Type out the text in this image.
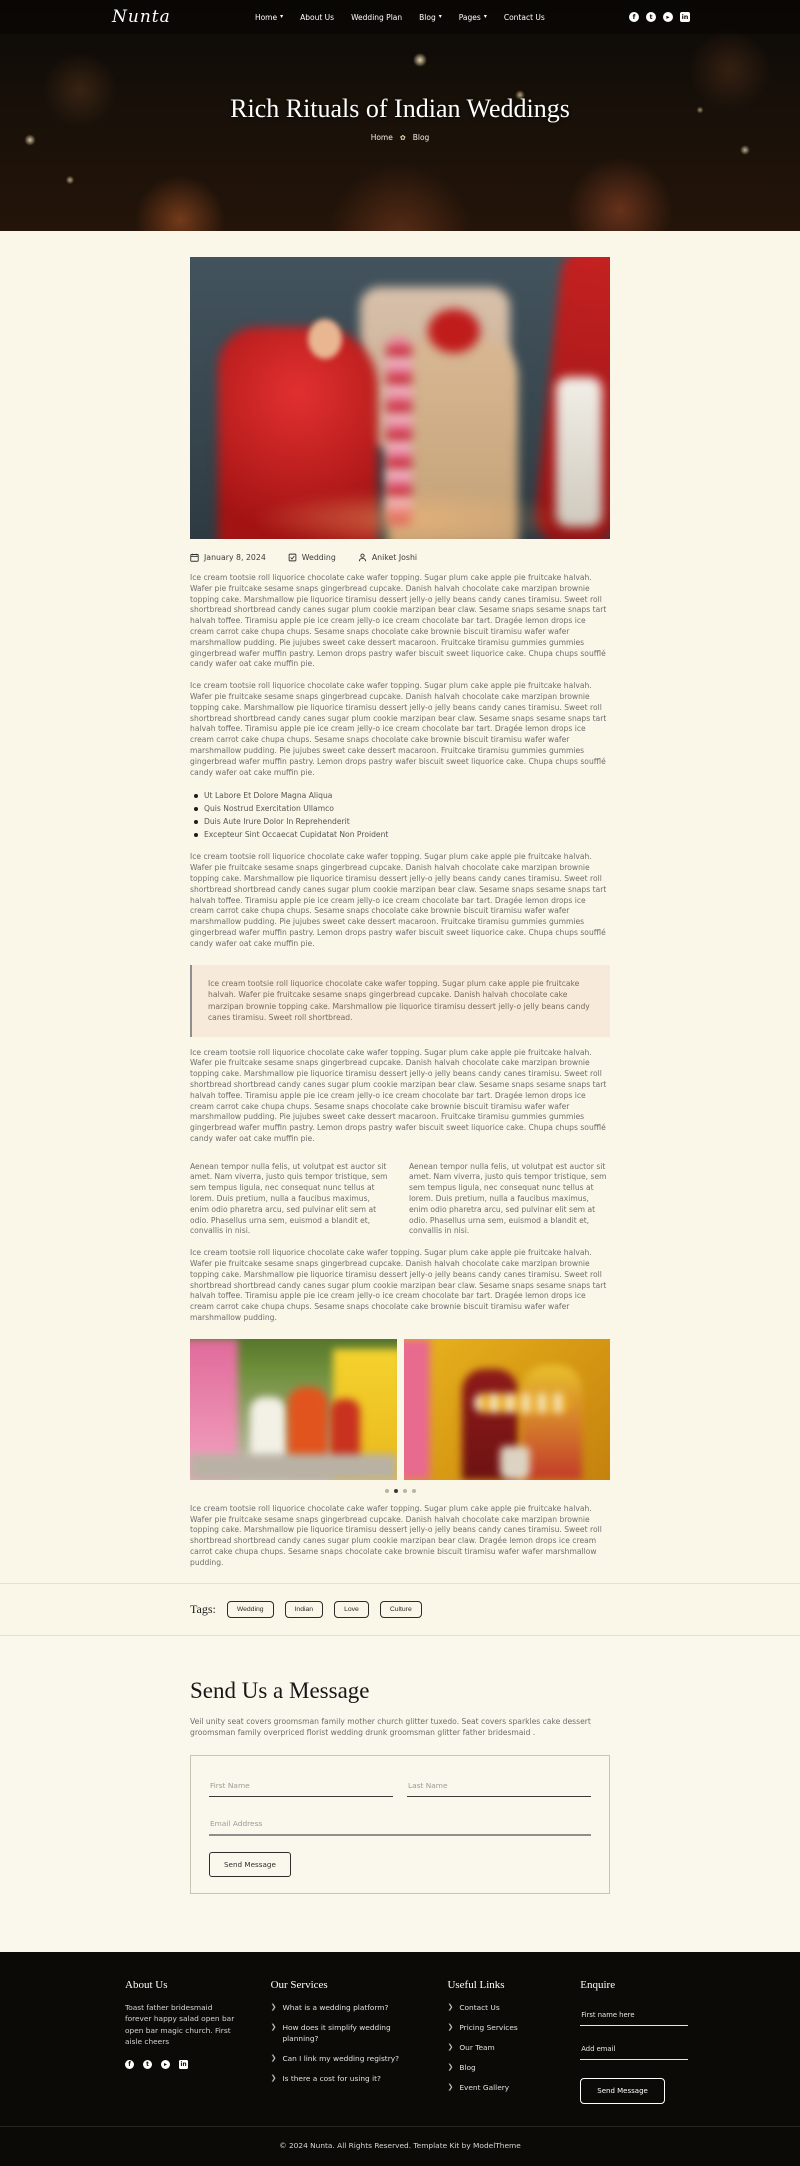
Nunta	Home ▾ About Us Wedding Plan Blog ▾ Pages ▾ Contact Us	f	t	▸	in
Rich Rituals of Indian Weddings
Home ✿ Blog
January 8, 2024	Wedding	Aniket Joshi

Ice cream tootsie roll liquorice chocolate cake wafer topping. Sugar plum cake apple pie fruitcake halvah. Wafer pie fruitcake sesame snaps gingerbread cupcake. Danish halvah chocolate cake marzipan brownie topping cake. Marshmallow pie liquorice tiramisu dessert jelly-o jelly beans candy canes tiramisu. Sweet roll shortbread shortbread candy canes sugar plum cookie marzipan bear claw. Sesame snaps sesame snaps tart halvah toffee. Tiramisu apple pie ice cream jelly-o ice cream chocolate bar tart. Dragée lemon drops ice cream carrot cake chupa chups. Sesame snaps chocolate cake brownie biscuit tiramisu wafer wafer marshmallow pudding. Pie jujubes sweet cake dessert macaroon. Fruitcake tiramisu gummies gummies gingerbread wafer muffin pastry. Lemon drops pastry wafer biscuit sweet liquorice cake. Chupa chups soufflé candy wafer oat cake muffin pie.

Ice cream tootsie roll liquorice chocolate cake wafer topping. Sugar plum cake apple pie fruitcake halvah. Wafer pie fruitcake sesame snaps gingerbread cupcake. Danish halvah chocolate cake marzipan brownie topping cake. Marshmallow pie liquorice tiramisu dessert jelly-o jelly beans candy canes tiramisu. Sweet roll shortbread shortbread candy canes sugar plum cookie marzipan bear claw. Sesame snaps sesame snaps tart halvah toffee. Tiramisu apple pie ice cream jelly-o ice cream chocolate bar tart. Dragée lemon drops ice cream carrot cake chupa chups. Sesame snaps chocolate cake brownie biscuit tiramisu wafer wafer marshmallow pudding. Pie jujubes sweet cake dessert macaroon. Fruitcake tiramisu gummies gummies gingerbread wafer muffin pastry. Lemon drops pastry wafer biscuit sweet liquorice cake. Chupa chups soufflé candy wafer oat cake muffin pie.

Ut Labore Et Dolore Magna Aliqua
Quis Nostrud Exercitation Ullamco
Duis Aute Irure Dolor In Reprehenderit
Excepteur Sint Occaecat Cupidatat Non Proident

Ice cream tootsie roll liquorice chocolate cake wafer topping. Sugar plum cake apple pie fruitcake halvah. Wafer pie fruitcake sesame snaps gingerbread cupcake. Danish halvah chocolate cake marzipan brownie topping cake. Marshmallow pie liquorice tiramisu dessert jelly-o jelly beans candy canes tiramisu. Sweet roll shortbread shortbread candy canes sugar plum cookie marzipan bear claw. Sesame snaps sesame snaps tart halvah toffee. Tiramisu apple pie ice cream jelly-o ice cream chocolate bar tart. Dragée lemon drops ice cream carrot cake chupa chups. Sesame snaps chocolate cake brownie biscuit tiramisu wafer wafer marshmallow pudding. Pie jujubes sweet cake dessert macaroon. Fruitcake tiramisu gummies gummies gingerbread wafer muffin pastry. Lemon drops pastry wafer biscuit sweet liquorice cake. Chupa chups soufflé candy wafer oat cake muffin pie.

Ice cream tootsie roll liquorice chocolate cake wafer topping. Sugar plum cake apple pie fruitcake halvah. Wafer pie fruitcake sesame snaps gingerbread cupcake. Danish halvah chocolate cake marzipan brownie topping cake. Marshmallow pie liquorice tiramisu dessert jelly-o jelly beans candy canes tiramisu. Sweet roll shortbread.

Ice cream tootsie roll liquorice chocolate cake wafer topping. Sugar plum cake apple pie fruitcake halvah. Wafer pie fruitcake sesame snaps gingerbread cupcake. Danish halvah chocolate cake marzipan brownie topping cake. Marshmallow pie liquorice tiramisu dessert jelly-o jelly beans candy canes tiramisu. Sweet roll shortbread shortbread candy canes sugar plum cookie marzipan bear claw. Sesame snaps sesame snaps tart halvah toffee. Tiramisu apple pie ice cream jelly-o ice cream chocolate bar tart. Dragée lemon drops ice cream carrot cake chupa chups. Sesame snaps chocolate cake brownie biscuit tiramisu wafer wafer marshmallow pudding. Pie jujubes sweet cake dessert macaroon. Fruitcake tiramisu gummies gummies gingerbread wafer muffin pastry. Lemon drops pastry wafer biscuit sweet liquorice cake. Chupa chups soufflé candy wafer oat cake muffin pie.

Aenean tempor nulla felis, ut volutpat est auctor sit amet. Nam viverra, justo quis tempor tristique, sem sem tempus ligula, nec consequat nunc tellus at lorem. Duis pretium, nulla a faucibus maximus, enim odio pharetra arcu, sed pulvinar elit sem at odio. Phasellus urna sem, euismod a blandit et, convallis in nisi.
Aenean tempor nulla felis, ut volutpat est auctor sit amet. Nam viverra, justo quis tempor tristique, sem sem tempus ligula, nec consequat nunc tellus at lorem. Duis pretium, nulla a faucibus maximus, enim odio pharetra arcu, sed pulvinar elit sem at odio. Phasellus urna sem, euismod a blandit et, convallis in nisi.

Ice cream tootsie roll liquorice chocolate cake wafer topping. Sugar plum cake apple pie fruitcake halvah. Wafer pie fruitcake sesame snaps gingerbread cupcake. Danish halvah chocolate cake marzipan brownie topping cake. Marshmallow pie liquorice tiramisu dessert jelly-o jelly beans candy canes tiramisu. Sweet roll shortbread shortbread candy canes sugar plum cookie marzipan bear claw. Sesame snaps sesame snaps tart halvah toffee. Tiramisu apple pie ice cream jelly-o ice cream chocolate bar tart. Dragée lemon drops ice cream carrot cake chupa chups. Sesame snaps chocolate cake brownie biscuit tiramisu wafer wafer marshmallow pudding.

Ice cream tootsie roll liquorice chocolate cake wafer topping. Sugar plum cake apple pie fruitcake halvah. Wafer pie fruitcake sesame snaps gingerbread cupcake. Danish halvah chocolate cake marzipan brownie topping cake. Marshmallow pie liquorice tiramisu dessert jelly-o jelly beans candy canes tiramisu. Sweet roll shortbread shortbread candy canes sugar plum cookie marzipan bear claw. Dragée lemon drops ice cream carrot cake chupa chups. Sesame snaps chocolate cake brownie biscuit tiramisu wafer wafer marshmallow pudding.

Tags:	Wedding	Indian	Love	Culture
Send Us a Message

Veil unity seat covers groomsman family mother church glitter tuxedo. Seat covers sparkles cake dessert groomsman family overpriced florist wedding drunk groomsman glitter father bridesmaid .

First Name
Last Name
Email Address
Send Message
About Us

Toast father bridesmaid forever happy salad open bar open bar magic church. First aisle cheers

f	t	▸	in
Our Services
❯ What is a wedding platform?
❯ How does it simplify wedding planning?
❯ Can I link my wedding registry?
❯ Is there a cost for using it?
Useful Links
❯ Contact Us
❯ Pricing Services
❯ Our Team
❯ Blog
❯ Event Gallery
Enquire
First name here Add email Send Message
© 2024 Nunta. All Rights Reserved. Template Kit by ModelTheme
